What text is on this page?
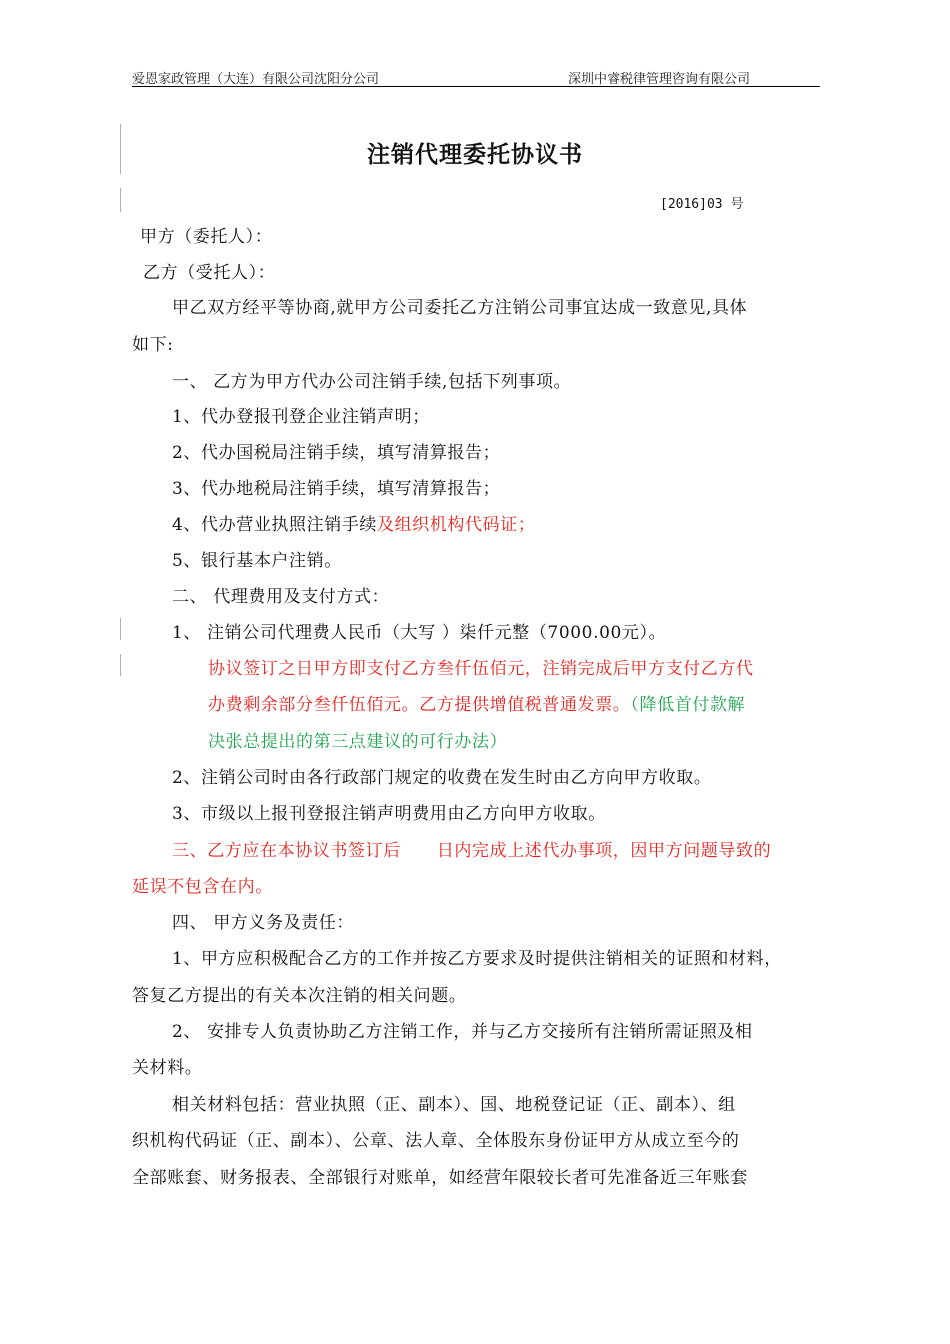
爱恩家政管理（大连）有限公司沈阳分公司	深圳中睿税律管理咨询有限公司
注销代理委托协议书
[2016]03 号
甲方（委托人）：
乙方（受托人）：
甲乙双方经平等协商,就甲方公司委托乙方注销公司事宜达成一致意见,具体
如下:
一、 乙方为甲方代办公司注销手续,包括下列事项。
1、代办登报刊登企业注销声明；
2、代办国税局注销手续，填写清算报告；
3、代办地税局注销手续，填写清算报告；
4、代办营业执照注销手续及组织机构代码证；
5、银行基本户注销。
二、 代理费用及支付方式：
1、 注销公司代理费人民币（大写 ）柒仟元整（7000.00元）。
协议签订之日甲方即支付乙方叁仟伍佰元，注销完成后甲方支付乙方代
办费剩余部分叁仟伍佰元。乙方提供增值税普通发票。（降低首付款解
决张总提出的第三点建议的可行办法）
2、注销公司时由各行政部门规定的收费在发生时由乙方向甲方收取。
3、市级以上报刊登报注销声明费用由乙方向甲方收取。
三、乙方应在本协议书签订后 日内完成上述代办事项，因甲方问题导致的
延误不包含在内。
四、 甲方义务及责任：
1、甲方应积极配合乙方的工作并按乙方要求及时提供注销相关的证照和材料，
答复乙方提出的有关本次注销的相关问题。
2、 安排专人负责协助乙方注销工作，并与乙方交接所有注销所需证照及相
关材料。
相关材料包括：营业执照（正、副本）、国、地税登记证（正、副本）、组
织机构代码证（正、副本）、公章、法人章、全体股东身份证甲方从成立至今的
全部账套、财务报表、全部银行对账单，如经营年限较长者可先准备近三年账套
